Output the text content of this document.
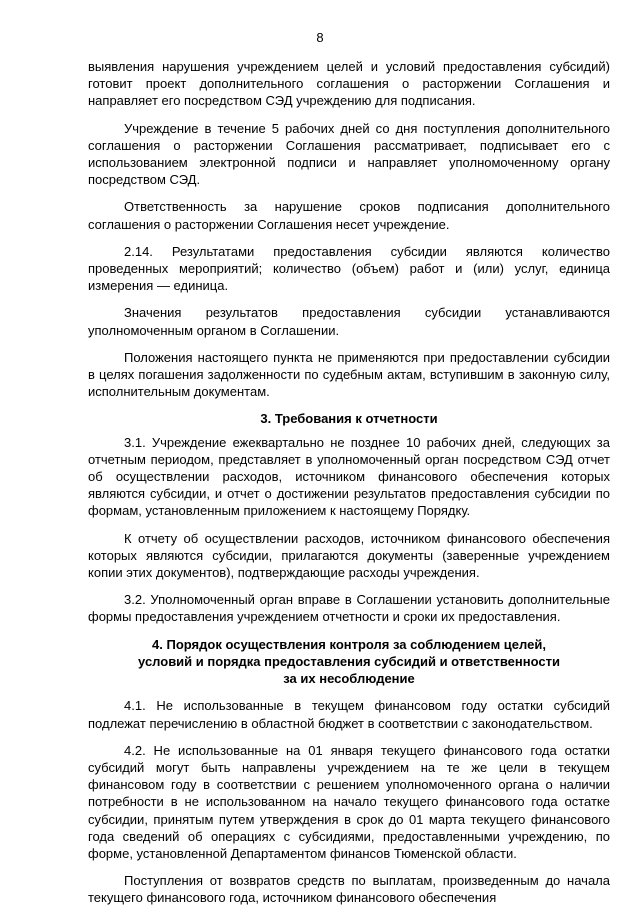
8

выявления нарушения учреждением целей и условий предоставления субсидий) готовит проект дополнительного соглашения о расторжении Соглашения и направляет его посредством СЭД учреждению для подписания.

Учреждение в течение 5 рабочих дней со дня поступления дополнительного соглашения о расторжении Соглашения рассматривает, подписывает его с использованием электронной подписи и направляет уполномоченному органу посредством СЭД.

Ответственность за нарушение сроков подписания дополнительного соглашения о расторжении Соглашения несет учреждение.

2.14. Результатами предоставления субсидии являются количество проведенных мероприятий; количество (объем) работ и (или) услуг, единица измерения — единица.

Значения результатов предоставления субсидии устанавливаются уполномоченным органом в Соглашении.

Положения настоящего пункта не применяются при предоставлении субсидии в целях погашения задолженности по судебным актам, вступившим в законную силу, исполнительным документам.

3. Требования к отчетности

3.1. Учреждение ежеквартально не позднее 10 рабочих дней, следующих за отчетным периодом, представляет в уполномоченный орган посредством СЭД отчет об осуществлении расходов, источником финансового обеспечения которых являются субсидии, и отчет о достижении результатов предоставления субсидии по формам, установленным приложением к настоящему Порядку.

К отчету об осуществлении расходов, источником финансового обеспечения которых являются субсидии, прилагаются документы (заверенные учреждением копии этих документов), подтверждающие расходы учреждения.

3.2. Уполномоченный орган вправе в Соглашении установить дополнительные формы предоставления учреждением отчетности и сроки их предоставления.

4. Порядок осуществления контроля за соблюдением целей,
условий и порядка предоставления субсидий и ответственности
за их несоблюдение

4.1. Не использованные в текущем финансовом году остатки субсидий подлежат перечислению в областной бюджет в соответствии с законодательством.

4.2. Не использованные на 01 января текущего финансового года остатки субсидий могут быть направлены учреждением на те же цели в текущем финансовом году в соответствии с решением уполномоченного органа о наличии потребности в не использованном на начало текущего финансового года остатке субсидии, принятым путем утверждения в срок до 01 марта текущего финансового года сведений об операциях с субсидиями, предоставленными учреждению, по форме, установленной Департаментом финансов Тюменской области.

Поступления от возвратов средств по выплатам, произведенным до начала текущего финансового года, источником финансового обеспечения
